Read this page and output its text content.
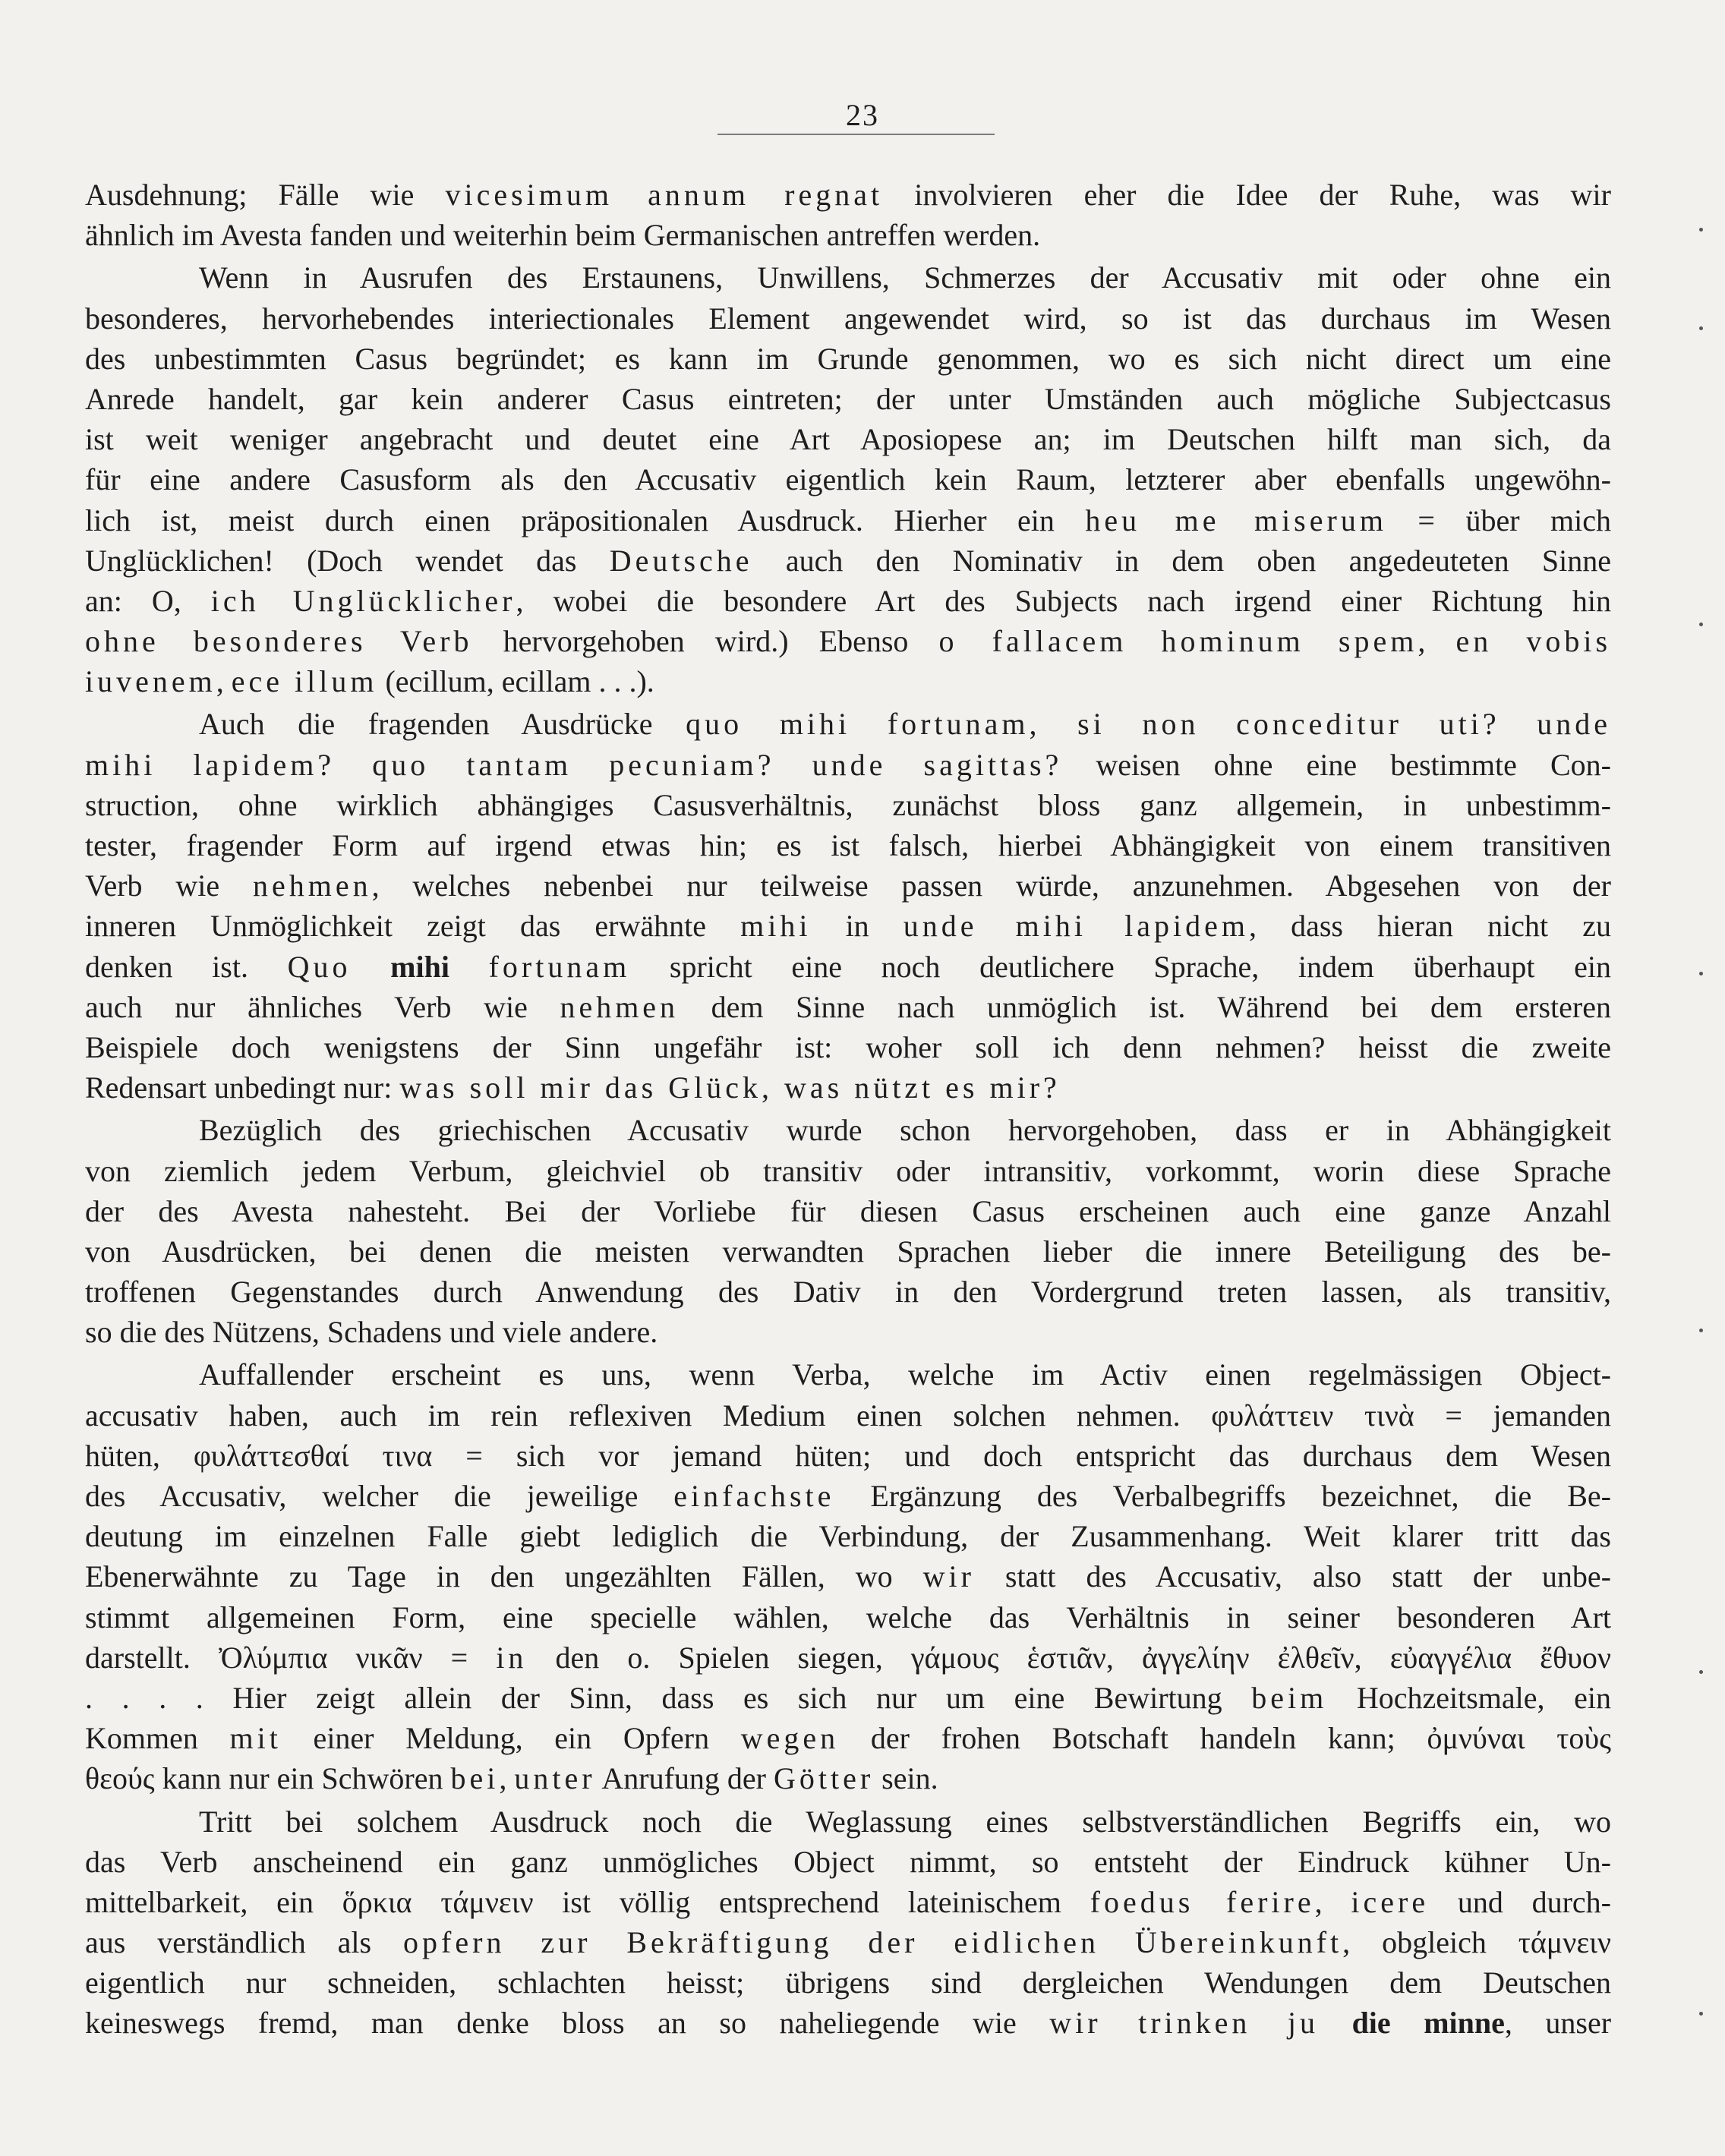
23
Ausdehnung; Fälle wie vicesimum annum regnat involvieren eher die Idee der Ruhe, was wir
ähnlich im Avesta fanden und weiterhin beim Germanischen antreffen werden.
Wenn in Ausrufen des Erstaunens, Unwillens, Schmerzes der Accusativ mit oder ohne ein
besonderes, hervorhebendes interiectionales Element angewendet wird, so ist das durchaus im Wesen
des unbestimmten Casus begründet; es kann im Grunde genommen, wo es sich nicht direct um eine
Anrede handelt, gar kein anderer Casus eintreten; der unter Umständen auch mögliche Subjectcasus
ist weit weniger angebracht und deutet eine Art Aposiopese an; im Deutschen hilft man sich, da
für eine andere Casusform als den Accusativ eigentlich kein Raum, letzterer aber ebenfalls ungewöhn-
lich ist, meist durch einen präpositionalen Ausdruck. Hierher ein heu me miserum = über mich
Unglücklichen! (Doch wendet das Deutsche auch den Nominativ in dem oben angedeuteten Sinne
an: O, ich Unglücklicher, wobei die besondere Art des Subjects nach irgend einer Richtung hin
ohne besonderes Verb hervorgehoben wird.) Ebenso o fallacem hominum spem, en vobis
iuvenem, ece illum (ecillum, ecillam . . .).
Auch die fragenden Ausdrücke quo mihi fortunam, si non conceditur uti? unde
mihi lapidem? quo tantam pecuniam? unde sagittas? weisen ohne eine bestimmte Con-
struction, ohne wirklich abhängiges Casusverhältnis, zunächst bloss ganz allgemein, in unbestimm-
tester, fragender Form auf irgend etwas hin; es ist falsch, hierbei Abhängigkeit von einem transitiven
Verb wie nehmen, welches nebenbei nur teilweise passen würde, anzunehmen. Abgesehen von der
inneren Unmöglichkeit zeigt das erwähnte mihi in unde mihi lapidem, dass hieran nicht zu
denken ist. Quo mihi fortunam spricht eine noch deutlichere Sprache, indem überhaupt ein
auch nur ähnliches Verb wie nehmen dem Sinne nach unmöglich ist. Während bei dem ersteren
Beispiele doch wenigstens der Sinn ungefähr ist: woher soll ich denn nehmen? heisst die zweite
Redensart unbedingt nur: was soll mir das Glück, was nützt es mir?
Bezüglich des griechischen Accusativ wurde schon hervorgehoben, dass er in Abhängigkeit
von ziemlich jedem Verbum, gleichviel ob transitiv oder intransitiv, vorkommt, worin diese Sprache
der des Avesta nahesteht. Bei der Vorliebe für diesen Casus erscheinen auch eine ganze Anzahl
von Ausdrücken, bei denen die meisten verwandten Sprachen lieber die innere Beteiligung des be-
troffenen Gegenstandes durch Anwendung des Dativ in den Vordergrund treten lassen, als transitiv,
so die des Nützens, Schadens und viele andere.
Auffallender erscheint es uns, wenn Verba, welche im Activ einen regelmässigen Object-
accusativ haben, auch im rein reflexiven Medium einen solchen nehmen. φυλάττειν τινὰ = jemanden
hüten, φυλάττεσθαί τινα = sich vor jemand hüten; und doch entspricht das durchaus dem Wesen
des Accusativ, welcher die jeweilige einfachste Ergänzung des Verbalbegriffs bezeichnet, die Be-
deutung im einzelnen Falle giebt lediglich die Verbindung, der Zusammenhang. Weit klarer tritt das
Ebenerwähnte zu Tage in den ungezählten Fällen, wo wir statt des Accusativ, also statt der unbe-
stimmt allgemeinen Form, eine specielle wählen, welche das Verhältnis in seiner besonderen Art
darstellt. Ὀλύμπια νικᾶν = in den o. Spielen siegen, γάμους ἑστιᾶν, ἀγγελίην ἐλθεῖν, εὐαγγέλια ἔθυον
. . . . Hier zeigt allein der Sinn, dass es sich nur um eine Bewirtung beim Hochzeitsmale, ein
Kommen mit einer Meldung, ein Opfern wegen der frohen Botschaft handeln kann; ὀμνύναι τοὺς
θεούς kann nur ein Schwören bei, unter Anrufung der Götter sein.
Tritt bei solchem Ausdruck noch die Weglassung eines selbstverständlichen Begriffs ein, wo
das Verb anscheinend ein ganz unmögliches Object nimmt, so entsteht der Eindruck kühner Un-
mittelbarkeit, ein ὅρκια τάμνειν ist völlig entsprechend lateinischem foedus ferire, icere und durch-
aus verständlich als opfern zur Bekräftigung der eidlichen Übereinkunft, obgleich τάμνειν
eigentlich nur schneiden, schlachten heisst; übrigens sind dergleichen Wendungen dem Deutschen
keineswegs fremd, man denke bloss an so naheliegende wie wir trinken ju die minne, unser
